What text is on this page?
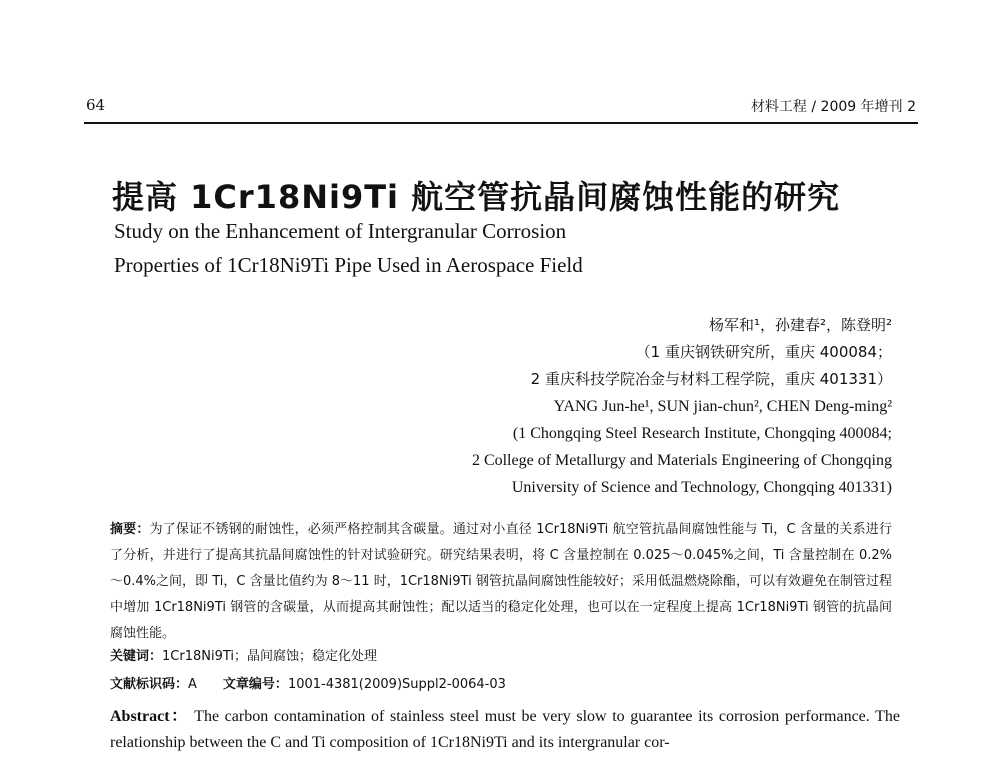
64	材料工程 / 2009 年增刊 2
提高 1Cr18Ni9Ti 航空管抗晶间腐蚀性能的研究
Study on the Enhancement of Intergranular Corrosion
Properties of 1Cr18Ni9Ti Pipe Used in Aerospace Field
杨军和¹，孙建春²，陈登明²
（1 重庆钢铁研究所，重庆 400084；
2 重庆科技学院冶金与材料工程学院，重庆 401331）
YANG Jun-he¹, SUN jian-chun², CHEN Deng-ming²
(1 Chongqing Steel Research Institute, Chongqing 400084;
2 College of Metallurgy and Materials Engineering of Chongqing
University of Science and Technology, Chongqing 401331)
摘要：为了保证不锈钢的耐蚀性，必须严格控制其含碳量。通过对小直径 1Cr18Ni9Ti 航空管抗晶间腐蚀性能与 Ti，C 含量的关系进行了分析，并进行了提高其抗晶间腐蚀性的针对试验研究。研究结果表明，将 C 含量控制在 0.025～0.045%之间，Ti 含量控制在 0.2%～0.4%之间，即 Ti，C 含量比值约为 8～11 时，1Cr18Ni9Ti 钢管抗晶间腐蚀性能较好；采用低温燃烧除酯，可以有效避免在制管过程中增加 1Cr18Ni9Ti 钢管的含碳量，从而提高其耐蚀性；配以适当的稳定化处理，也可以在一定程度上提高 1Cr18Ni9Ti 钢管的抗晶间腐蚀性能。
关键词：1Cr18Ni9Ti；晶间腐蚀；稳定化处理
文献标识码：A 文章编号：1001-4381(2009)Suppl2-0064-03
Abstract： The carbon contamination of stainless steel must be very slow to guarantee its corrosion performance. The relationship between the C and Ti composition of 1Cr18Ni9Ti and its intergranular cor-
